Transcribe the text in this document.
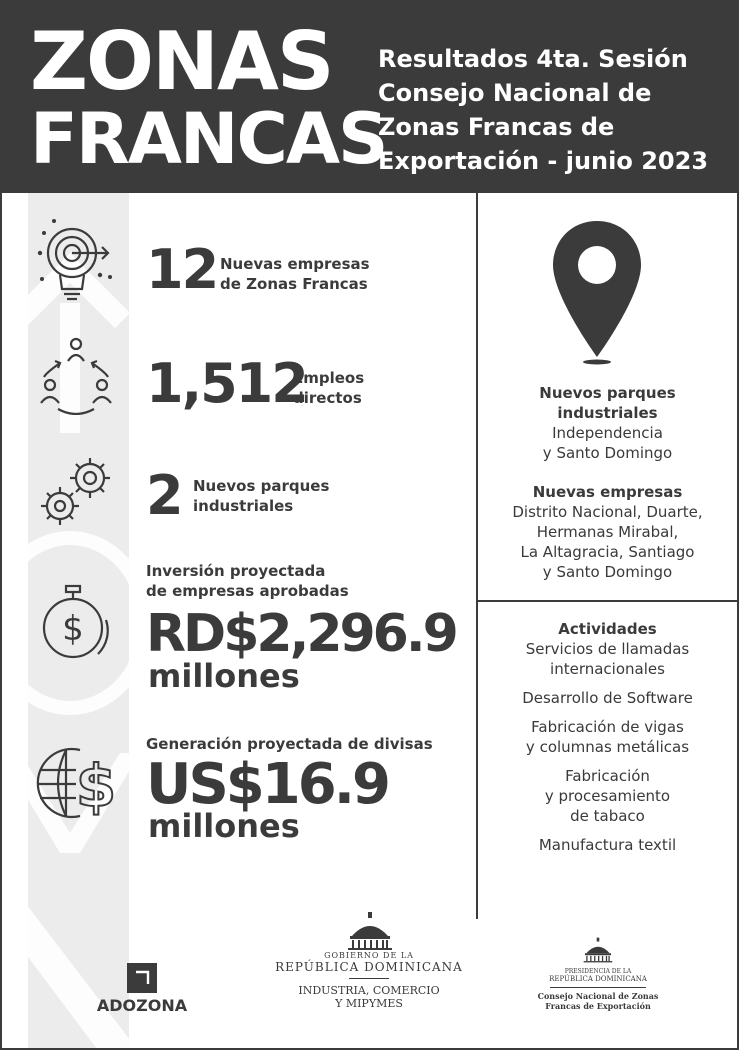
ZONAS
FRANCAS
Resultados 4ta. Sesión
Consejo Nacional de
Zonas Francas de
Exportación - junio 2023
12 Nuevas empresas
de Zonas Francas
1,512
Empleos
directos
2 Nuevos parques
industriales
$
Inversión proyectada
de empresas aprobadas
RD$2,296.9
millones
$
Generación proyectada de divisas
US$16.9
millones
Nuevos parques
industriales
Independencia
y Santo Domingo
Nuevas empresas
Distrito Nacional, Duarte,
Hermanas Mirabal,
La Altagracia, Santiago
y Santo Domingo
Actividades
Servicios de llamadas
internacionales
Desarrollo de Software
Fabricación de vigas
y columnas metálicas
Fabricación
y procesamiento
de tabaco
Manufactura textil
ADOZONA
GOBIERNO DE LA
REPÚBLICA DOMINICANA
INDUSTRIA, COMERCIO
Y MIPYMES
PRESIDENCIA DE LA
REPÚBLICA DOMINICANA
Consejo Nacional de Zonas
Francas de Exportación
